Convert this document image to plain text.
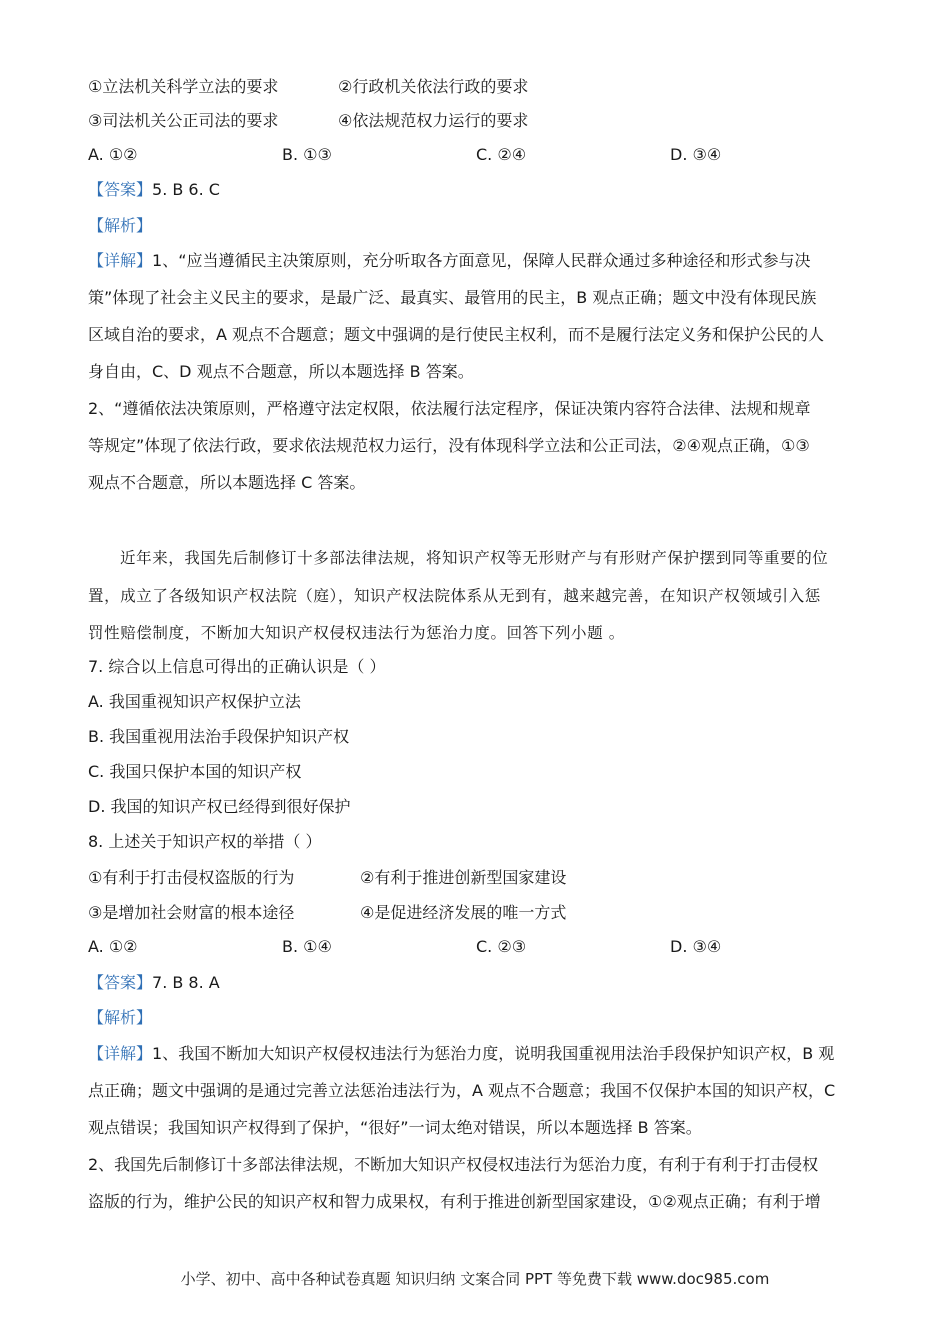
①立法机关科学立法的要求	②行政机关依法行政的要求
③司法机关公正司法的要求	④依法规范权力运行的要求
A. ①②	B. ①③	C. ②④	D. ③④
【答案】5. B 6. C
【解析】
【详解】1、“应当遵循民主决策原则，充分听取各方面意见，保障人民群众通过多种途径和形式参与决
策”体现了社会主义民主的要求，是最广泛、最真实、最管用的民主，B 观点正确；题文中没有体现民族
区域自治的要求，A 观点不合题意；题文中强调的是行使民主权利，而不是履行法定义务和保护公民的人
身自由，C、D 观点不合题意，所以本题选择 B 答案。
2、“遵循依法决策原则，严格遵守法定权限，依法履行法定程序，保证决策内容符合法律、法规和规章
等规定”体现了依法行政，要求依法规范权力运行，没有体现科学立法和公正司法，②④观点正确，①③
观点不合题意，所以本题选择 C 答案。
近年来，我国先后制修订十多部法律法规，将知识产权等无形财产与有形财产保护摆到同等重要的位
置，成立了各级知识产权法院（庭），知识产权法院体系从无到有，越来越完善，在知识产权领域引入惩
罚性赔偿制度，不断加大知识产权侵权违法行为惩治力度。回答下列小题 。
7. 综合以上信息可得出的正确认识是（ ）
A. 我国重视知识产权保护立法
B. 我国重视用法治手段保护知识产权
C. 我国只保护本国的知识产权
D. 我国的知识产权已经得到很好保护
8. 上述关于知识产权的举措（ ）
①有利于打击侵权盗版的行为	②有利于推进创新型国家建设
③是增加社会财富的根本途径	④是促进经济发展的唯一方式
A. ①②	B. ①④	C. ②③	D. ③④
【答案】7. B 8. A
【解析】
【详解】1、我国不断加大知识产权侵权违法行为惩治力度，说明我国重视用法治手段保护知识产权，B 观
点正确；题文中强调的是通过完善立法惩治违法行为，A 观点不合题意；我国不仅保护本国的知识产权，C
观点错误；我国知识产权得到了保护，“很好”一词太绝对错误，所以本题选择 B 答案。
2、我国先后制修订十多部法律法规，不断加大知识产权侵权违法行为惩治力度，有利于有利于打击侵权
盗版的行为，维护公民的知识产权和智力成果权，有利于推进创新型国家建设，①②观点正确；有利于增
小学、初中、高中各种试卷真题 知识归纳 文案合同 PPT 等免费下载 www.doc985.com
